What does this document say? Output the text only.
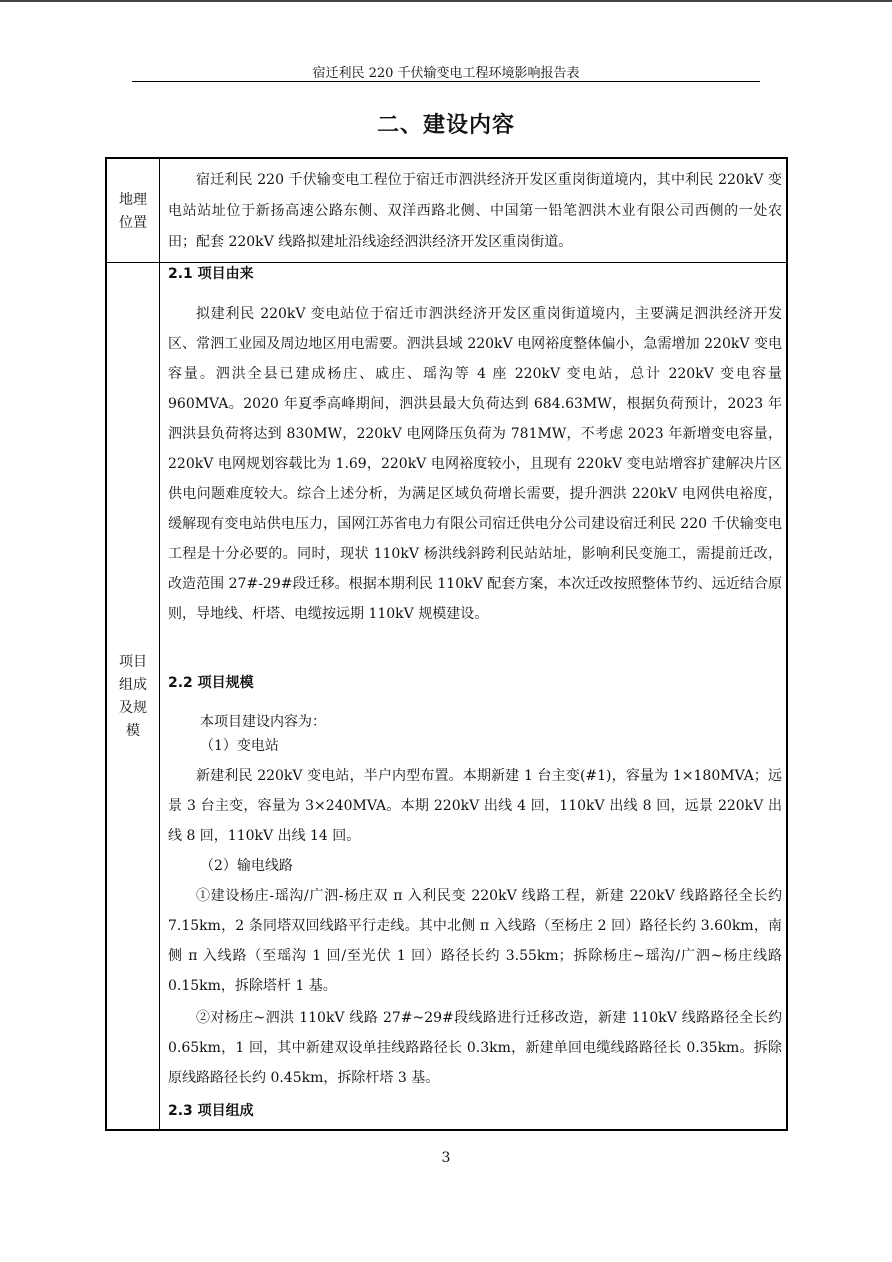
宿迁利民 220 千伏输变电工程环境影响报告表
二、建设内容
地理位置

宿迁利民 220 千伏输变电工程位于宿迁市泗洪经济开发区重岗街道境内，其中利民 220kV 变电站站址位于新扬高速公路东侧、双洋西路北侧、中国第一铅笔泗洪木业有限公司西侧的一处农田；配套 220kV 线路拟建址沿线途经泗洪经济开发区重岗街道。

项目组成及规模
2.1 项目由来

拟建利民 220kV 变电站位于宿迁市泗洪经济开发区重岗街道境内，主要满足泗洪经济开发区、常泗工业园及周边地区用电需要。泗洪县域 220kV 电网裕度整体偏小，急需增加 220kV 变电容量。泗洪全县已建成杨庄、戚庄、瑶沟等 4 座 220kV 变电站，总计 220kV 变电容量 960MVA。2020 年夏季高峰期间，泗洪县最大负荷达到 684.63MW，根据负荷预计，2023 年泗洪县负荷将达到 830MW，220kV 电网降压负荷为 781MW，不考虑 2023 年新增变电容量，220kV 电网规划容载比为 1.69，220kV 电网裕度较小，且现有 220kV 变电站增容扩建解决片区供电问题难度较大。综合上述分析，为满足区域负荷增长需要，提升泗洪 220kV 电网供电裕度，缓解现有变电站供电压力，国网江苏省电力有限公司宿迁供电分公司建设宿迁利民 220 千伏输变电工程是十分必要的。同时，现状 110kV 杨洪线斜跨利民站站址，影响利民变施工，需提前迁改，改造范围 27#-29#段迁移。根据本期利民 110kV 配套方案，本次迁改按照整体节约、远近结合原则，导地线、杆塔、电缆按远期 110kV 规模建设。

2.2 项目规模
本项目建设内容为：
（1）变电站

新建利民 220kV 变电站，半户内型布置。本期新建 1 台主变(#1)，容量为 1×180MVA；远景 3 台主变，容量为 3×240MVA。本期 220kV 出线 4 回，110kV 出线 8 回，远景 220kV 出线 8 回，110kV 出线 14 回。

（2）输电线路

①建设杨庄-瑶沟/广泗-杨庄双 π 入利民变 220kV 线路工程，新建 220kV 线路路径全长约 7.15km，2 条同塔双回线路平行走线。其中北侧 π 入线路（至杨庄 2 回）路径长约 3.60km，南侧 π 入线路（至瑶沟 1 回/至光伏 1 回）路径长约 3.55km；拆除杨庄~瑶沟/广泗~杨庄线路 0.15km，拆除塔杆 1 基。

②对杨庄~泗洪 110kV 线路 27#~29#段线路进行迁移改造，新建 110kV 线路路径全长约 0.65km，1 回，其中新建双设单挂线路路径长 0.3km，新建单回电缆线路路径长 0.35km。拆除原线路路径长约 0.45km，拆除杆塔 3 基。

2.3 项目组成
3
